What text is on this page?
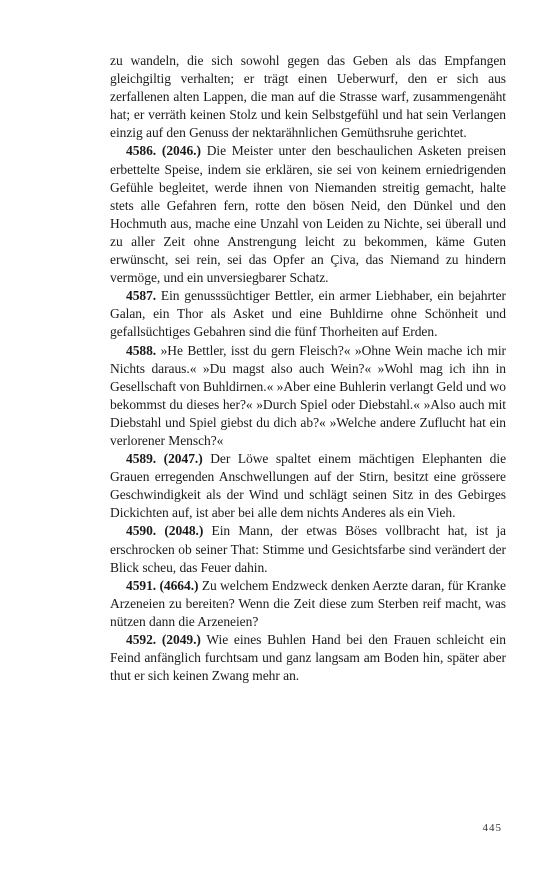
zu wandeln, die sich sowohl gegen das Geben als das Empfangen gleichgiltig verhalten; er trägt einen Ueberwurf, den er sich aus zerfallenen alten Lappen, die man auf die Strasse warf, zusammengenäht hat; er verräth keinen Stolz und kein Selbstgefühl und hat sein Verlangen einzig auf den Genuss der nektarähnlichen Gemüthsruhe gerichtet.

4586. (2046.) Die Meister unter den beschaulichen Asketen preisen erbettelte Speise, indem sie erklären, sie sei von keinem erniedrigenden Gefühle begleitet, werde ihnen von Niemanden streitig gemacht, halte stets alle Gefahren fern, rotte den bösen Neid, den Dünkel und den Hochmuth aus, mache eine Unzahl von Leiden zu Nichte, sei überall und zu aller Zeit ohne Anstrengung leicht zu bekommen, käme Guten erwünscht, sei rein, sei das Opfer an Çiva, das Niemand zu hindern vermöge, und ein unversiegbarer Schatz.

4587. Ein genusssüchtiger Bettler, ein armer Liebhaber, ein bejahrter Galan, ein Thor als Asket und eine Buhldirne ohne Schönheit und gefallsüchtiges Gebahren sind die fünf Thorheiten auf Erden.

4588. »He Bettler, isst du gern Fleisch?« »Ohne Wein mache ich mir Nichts daraus.« »Du magst also auch Wein?« »Wohl mag ich ihn in Gesellschaft von Buhldirnen.« »Aber eine Buhlerin verlangt Geld und wo bekommst du dieses her?« »Durch Spiel oder Diebstahl.« »Also auch mit Diebstahl und Spiel giebst du dich ab?« »Welche andere Zuflucht hat ein verlorener Mensch?«

4589. (2047.) Der Löwe spaltet einem mächtigen Elephanten die Grauen erregenden Anschwellungen auf der Stirn, besitzt eine grössere Geschwindigkeit als der Wind und schlägt seinen Sitz in des Gebirges Dickichten auf, ist aber bei alle dem nichts Anderes als ein Vieh.

4590. (2048.) Ein Mann, der etwas Böses vollbracht hat, ist ja erschrocken ob seiner That: Stimme und Gesichtsfarbe sind verändert der Blick scheu, das Feuer dahin.

4591. (4664.) Zu welchem Endzweck denken Aerzte daran, für Kranke Arzeneien zu bereiten? Wenn die Zeit diese zum Sterben reif macht, was nützen dann die Arzeneien?

4592. (2049.) Wie eines Buhlen Hand bei den Frauen schleicht ein Feind anfänglich furchtsam und ganz langsam am Boden hin, später aber thut er sich keinen Zwang mehr an.

445
